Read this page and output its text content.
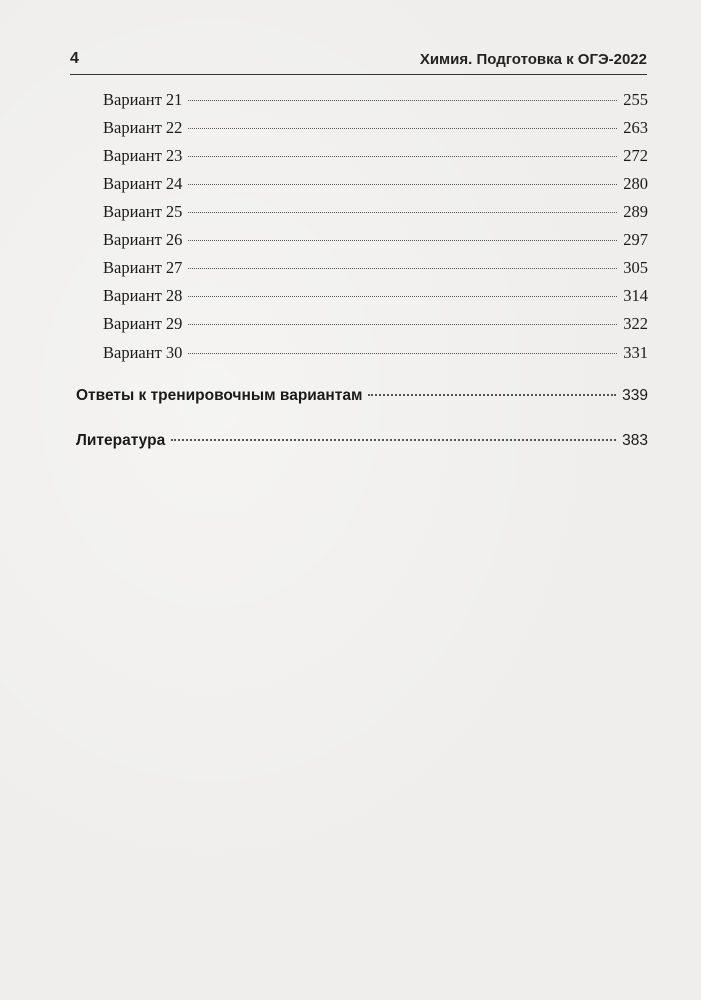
4	Химия. Подготовка к ОГЭ-2022
Вариант 21	255
Вариант 22	263
Вариант 23	272
Вариант 24	280
Вариант 25	289
Вариант 26	297
Вариант 27	305
Вариант 28	314
Вариант 29	322
Вариант 30	331
Ответы к тренировочным вариантам	339
Литература	383
